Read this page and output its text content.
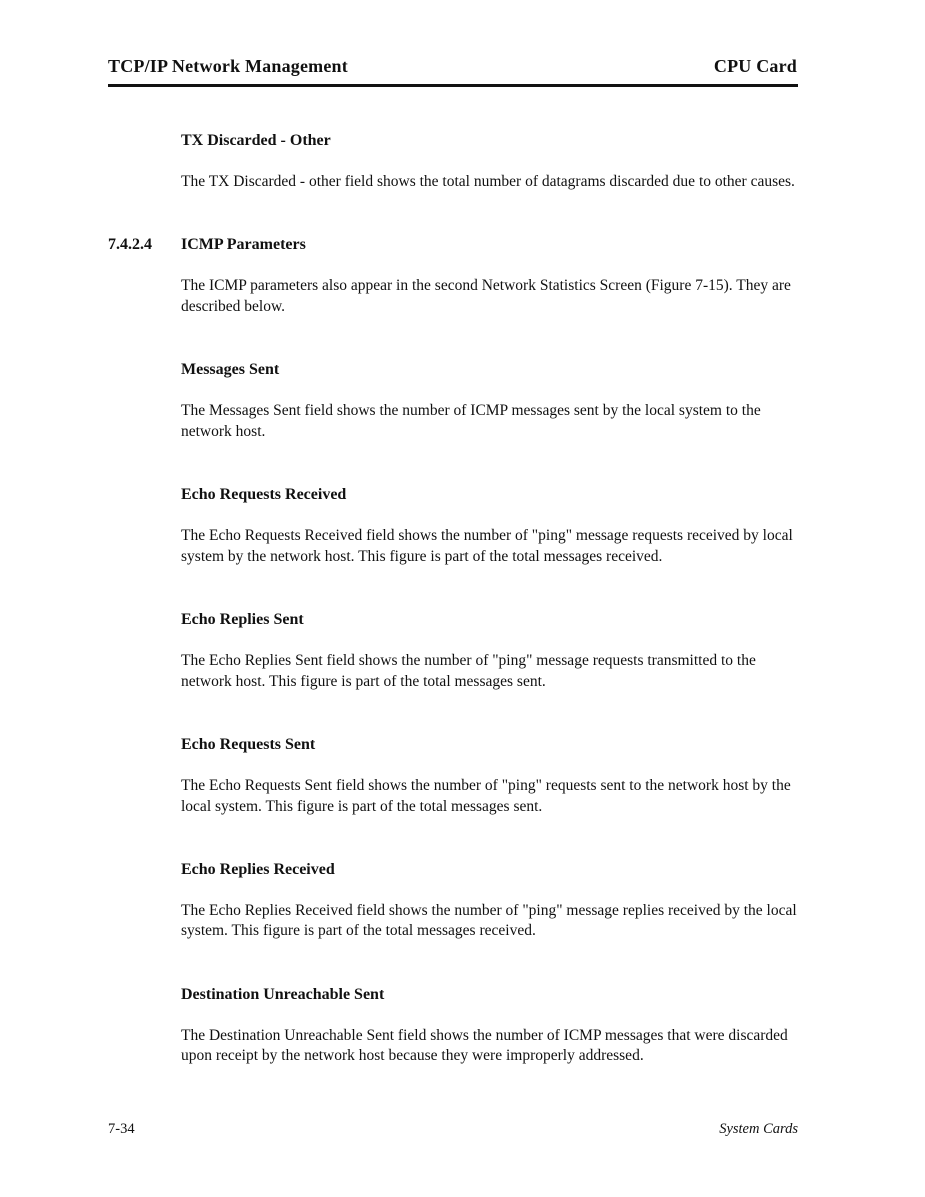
TCP/IP Network Management	CPU Card
TX Discarded - Other

The TX Discarded - other field shows the total number of datagrams discarded due to other causes.

7.4.2.4 ICMP Parameters

The ICMP parameters also appear in the second Network Statistics Screen (Figure 7-15). They are described below.

Messages Sent

The Messages Sent field shows the number of ICMP messages sent by the local system to the network host.

Echo Requests Received

The Echo Requests Received field shows the number of "ping" message requests received by local system by the network host. This figure is part of the total messages received.

Echo Replies Sent

The Echo Replies Sent field shows the number of "ping" message requests transmitted to the network host. This figure is part of the total messages sent.

Echo Requests Sent

The Echo Requests Sent field shows the number of "ping" requests sent to the network host by the local system. This figure is part of the total messages sent.

Echo Replies Received

The Echo Replies Received field shows the number of "ping" message replies received by the local system. This figure is part of the total messages received.

Destination Unreachable Sent

The Destination Unreachable Sent field shows the number of ICMP messages that were discarded upon receipt by the network host because they were improperly addressed.

7-34	System Cards
